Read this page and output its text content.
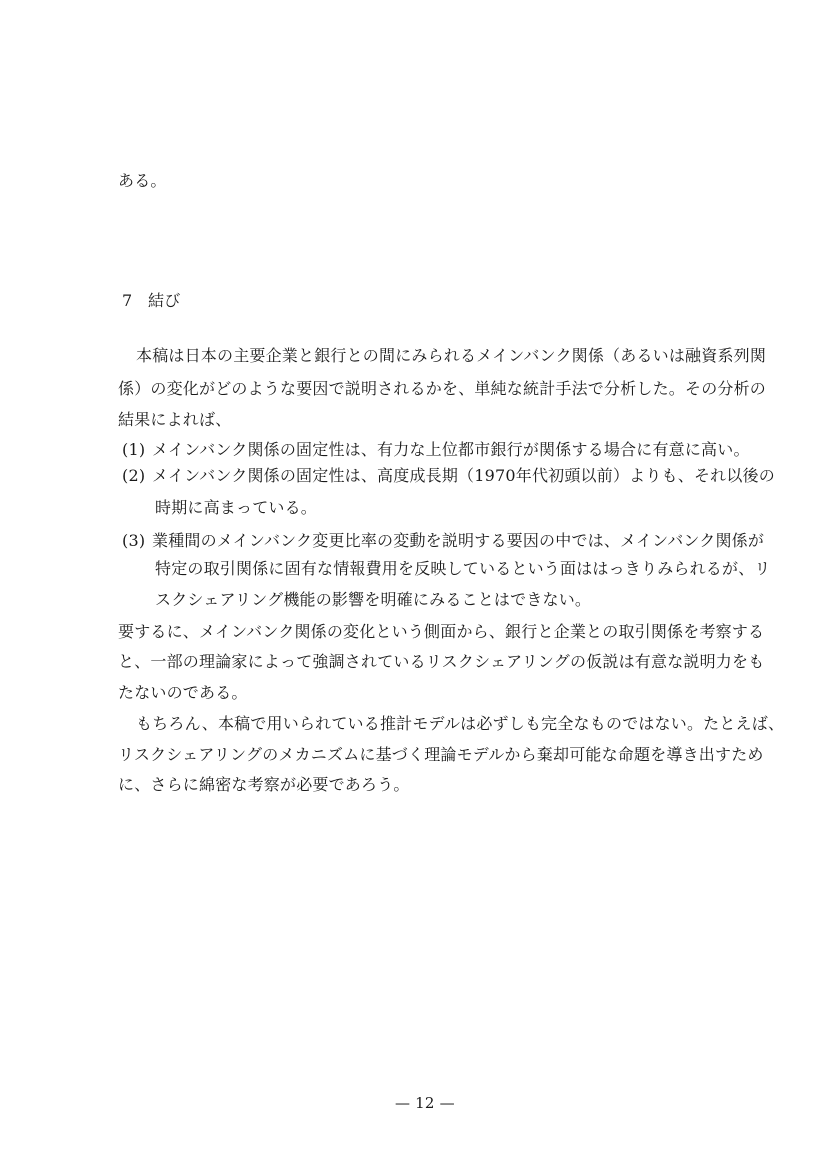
ある。
7 結び
本稿は日本の主要企業と銀行との間にみられるメインバンク関係（あるいは融資系列関
係）の変化がどのような要因で説明されるかを、単純な統計手法で分析した。その分析の
結果によれば、
(1) メインバンク関係の固定性は、有力な上位都市銀行が関係する場合に有意に高い。
(2) メインバンク関係の固定性は、高度成長期（1970年代初頭以前）よりも、それ以後の
時期に高まっている。
(3) 業種間のメインバンク変更比率の変動を説明する要因の中では、メインバンク関係が
特定の取引関係に固有な情報費用を反映しているという面ははっきりみられるが、リ
スクシェアリング機能の影響を明確にみることはできない。
要するに、メインバンク関係の変化という側面から、銀行と企業との取引関係を考察する
と、一部の理論家によって強調されているリスクシェアリングの仮説は有意な説明力をも
たないのである。
もちろん、本稿で用いられている推計モデルは必ずしも完全なものではない。たとえば、
リスクシェアリングのメカニズムに基づく理論モデルから棄却可能な命題を導き出すため
に、さらに綿密な考察が必要であろう。
— 12 —
